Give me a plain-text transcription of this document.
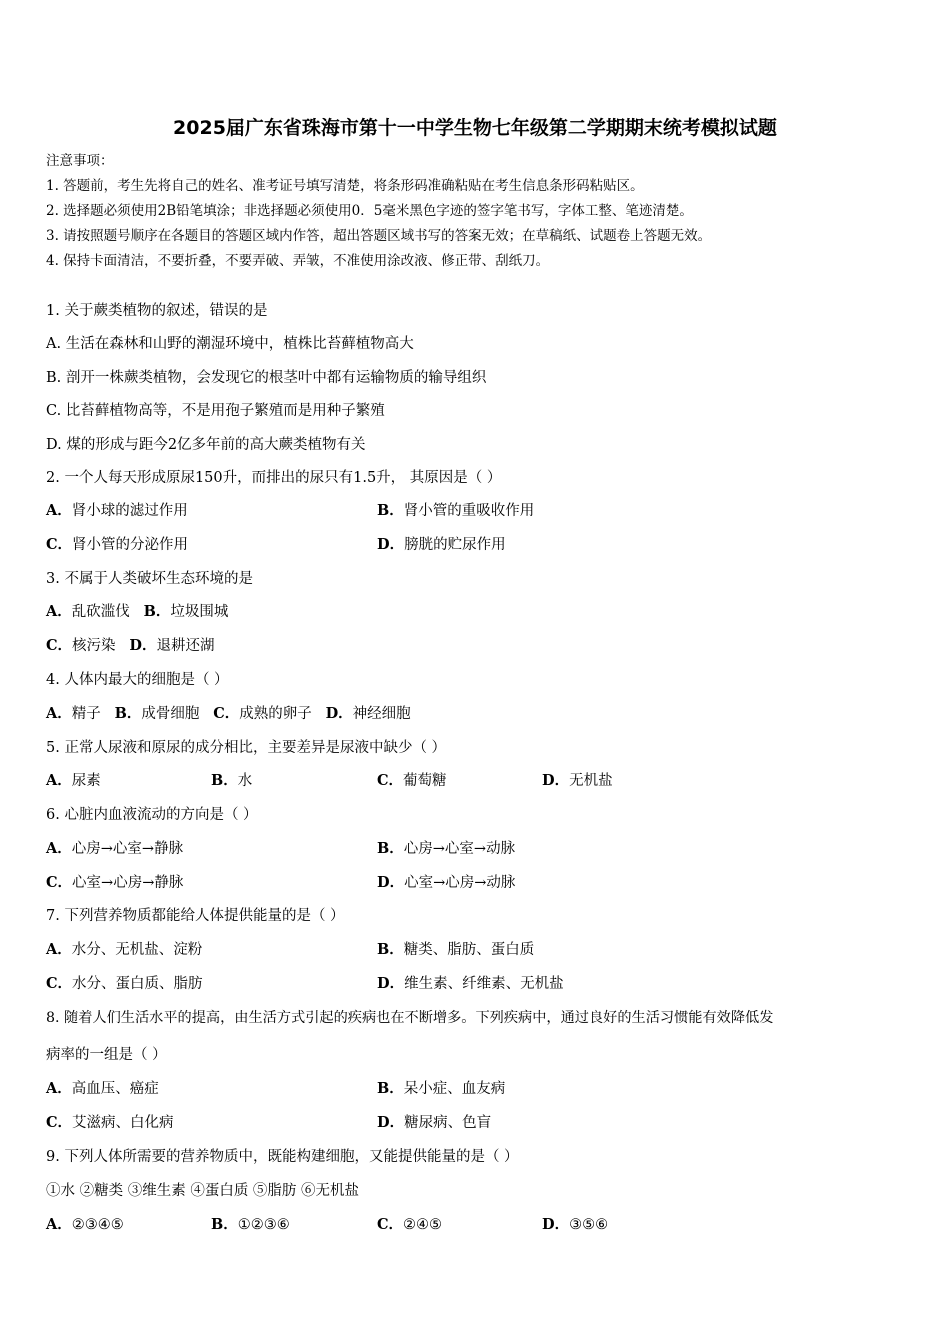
2025届广东省珠海市第十一中学生物七年级第二学期期末统考模拟试题
注意事项：
1. 答题前，考生先将自己的姓名、准考证号填写清楚，将条形码准确粘贴在考生信息条形码粘贴区。
2. 选择题必须使用2B铅笔填涂；非选择题必须使用0．5毫米黑色字迹的签字笔书写，字体工整、笔迹清楚。
3. 请按照题号顺序在各题目的答题区域内作答，超出答题区域书写的答案无效；在草稿纸、试题卷上答题无效。
4. 保持卡面清洁，不要折叠，不要弄破、弄皱，不准使用涂改液、修正带、刮纸刀。
1. 关于蕨类植物的叙述，错误的是
A. 生活在森林和山野的潮湿环境中，植株比苔藓植物高大
B. 剖开一株蕨类植物，会发现它的根茎叶中都有运输物质的输导组织
C. 比苔藓植物高等，不是用孢子繁殖而是用种子繁殖
D. 煤的形成与距今2亿多年前的高大蕨类植物有关
2. 一个人每天形成原尿150升，而排出的尿只有1.5升， 其原因是（ ）
A．肾小球的滤过作用	B．肾小管的重吸收作用
C．肾小管的分泌作用	D．膀胱的贮尿作用
3. 不属于人类破坏生态环境的是
A．乱砍滥伐 B．垃圾围城
C．核污染 D．退耕还湖
4. 人体内最大的细胞是（ ）
A．精子 B．成骨细胞 C．成熟的卵子 D．神经细胞
5. 正常人尿液和原尿的成分相比，主要差异是尿液中缺少（ ）
A．尿素	B．水	C．葡萄糖	D．无机盐
6. 心脏内血液流动的方向是（ ）
A．心房→心室→静脉	B．心房→心室→动脉
C．心室→心房→静脉	D．心室→心房→动脉
7. 下列营养物质都能给人体提供能量的是（ ）
A．水分、无机盐、淀粉	B．糖类、脂肪、蛋白质
C．水分、蛋白质、脂肪	D．维生素、纤维素、无机盐
8. 随着人们生活水平的提高，由生活方式引起的疾病也在不断增多。下列疾病中，通过良好的生活习惯能有效降低发
病率的一组是（ ）
A．高血压、癌症	B．呆小症、血友病
C．艾滋病、白化病	D．糖尿病、色盲
9. 下列人体所需要的营养物质中，既能构建细胞，又能提供能量的是（ ）
①水 ②糖类 ③维生素 ④蛋白质 ⑤脂肪 ⑥无机盐
A．②③④⑤	B．①②③⑥	C．②④⑤	D．③⑤⑥
